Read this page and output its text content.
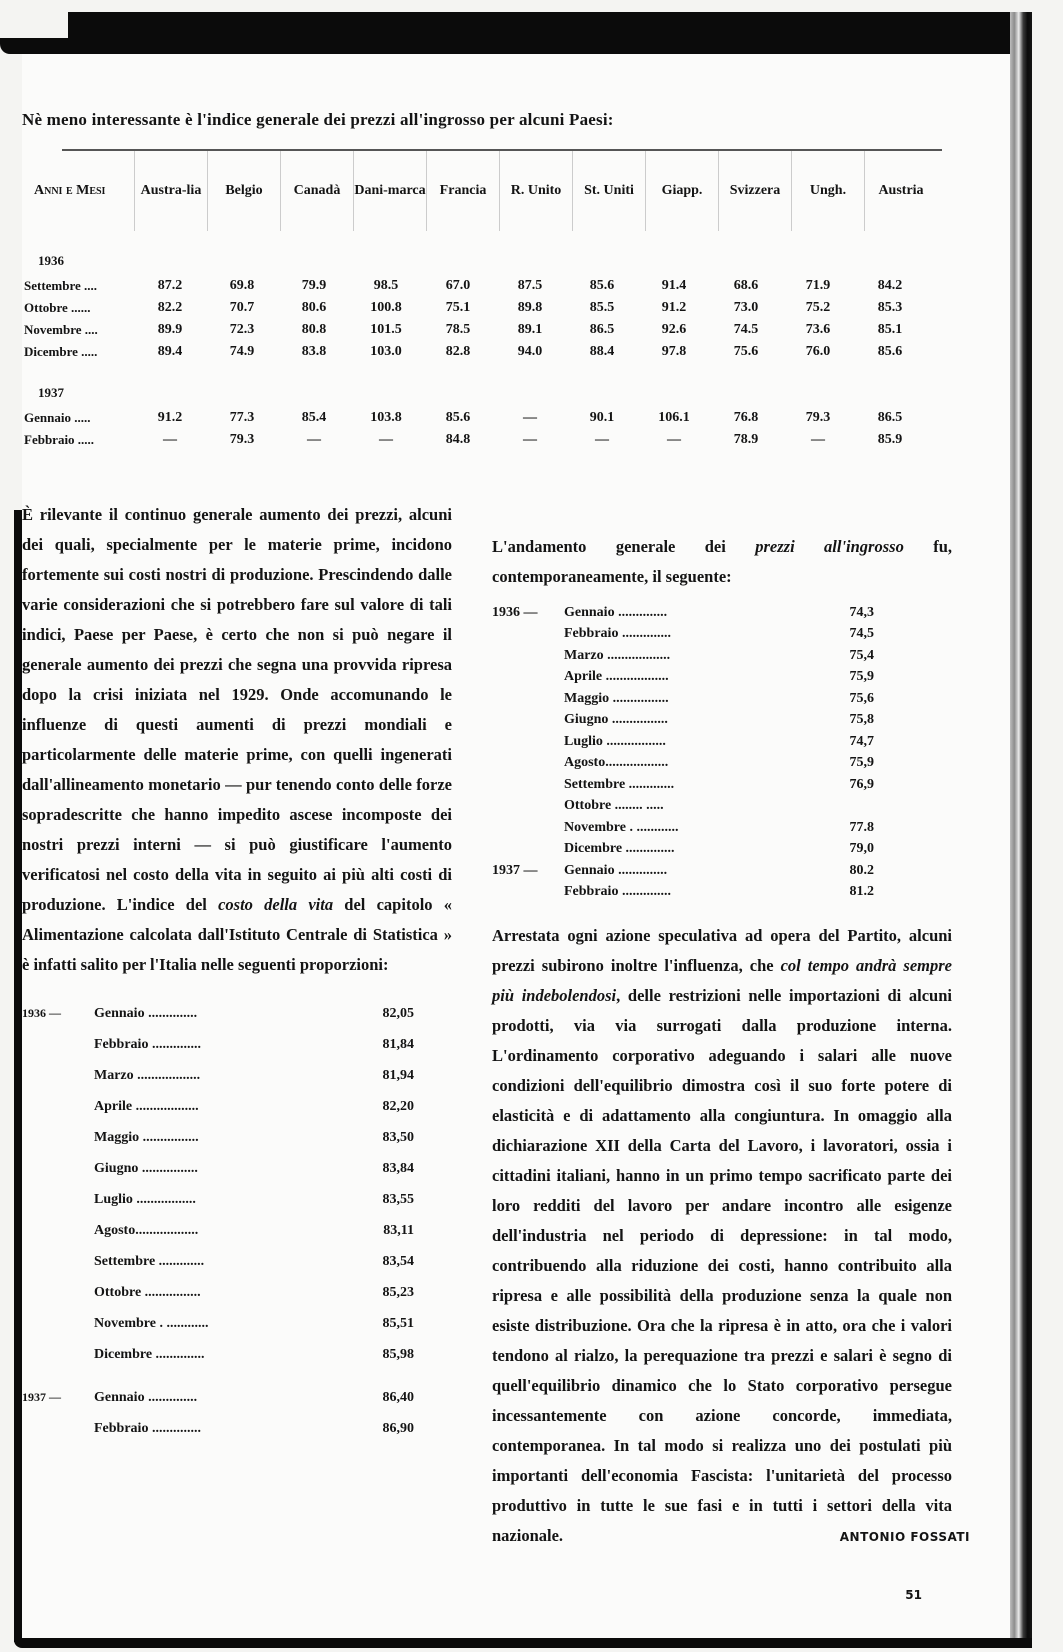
Nè meno interessante è l'indice generale dei prezzi all'ingrosso per alcuni Paesi:
Anni e Mesi	Austra-lia	Belgio	Canadà	Dani-marca	Francia	R. Unito	St. Uniti	Giapp.	Svizzera	Ungh.	Austria
1936
Settembre ....	87.2	69.8	79.9	98.5	67.0	87.5	85.6	91.4	68.6	71.9	84.2
Ottobre ......	82.2	70.7	80.6	100.8	75.1	89.8	85.5	91.2	73.0	75.2	85.3
Novembre ....	89.9	72.3	80.8	101.5	78.5	89.1	86.5	92.6	74.5	73.6	85.1
Dicembre .....	89.4	74.9	83.8	103.0	82.8	94.0	88.4	97.8	75.6	76.0	85.6
1937
Gennaio .....	91.2	77.3	85.4	103.8	85.6	—	90.1	106.1	76.8	79.3	86.5
Febbraio .....	—	79.3	—	—	84.8	—	—	—	78.9	—	85.9

È rilevante il continuo generale aumento dei prezzi, alcuni dei quali, specialmente per le materie prime, incidono fortemente sui costi nostri di produzione. Prescindendo dalle varie considerazioni che si potrebbero fare sul valore di tali indici, Paese per Paese, è certo che non si può negare il generale aumento dei prezzi che segna una provvida ripresa dopo la crisi iniziata nel 1929. Onde accomunando le influenze di questi aumenti di prezzi mondiali e particolarmente delle materie prime, con quelli ingenerati dall'allineamento monetario — pur tenendo conto delle forze sopradescritte che hanno impedito ascese incomposte dei nostri prezzi interni — si può giustificare l'aumento verificatosi nel costo della vita in seguito ai più alti costi di produzione. L'indice del costo della vita del capitolo « Alimentazione calcolata dall'Istituto Centrale di Statistica » è infatti salito per l'Italia nelle seguenti proporzioni:

1936 —	Gennaio ..............	82,05
Febbraio ..............	81,84
Marzo ..................	81,94
Aprile ..................	82,20
Maggio ................	83,50
Giugno ................	83,84
Luglio .................	83,55
Agosto..................	83,11
Settembre .............	83,54
Ottobre ................	85,23
Novembre . ............	85,51
Dicembre ..............	85,98
1937 —	Gennaio ..............	86,40
Febbraio ..............	86,90

L'andamento generale dei prezzi all'ingrosso fu, contemporaneamente, il seguente:

1936 —	Gennaio ..............	74,3
Febbraio ..............	74,5
Marzo ..................	75,4
Aprile ..................	75,9
Maggio ................	75,6
Giugno ................	75,8
Luglio .................	74,7
Agosto..................	75,9
Settembre .............	76,9
Ottobre ........ .....
Novembre . ............	77.8
Dicembre ..............	79,0
1937 —	Gennaio ..............	80.2
Febbraio ..............	81.2

Arrestata ogni azione speculativa ad opera del Partito, alcuni prezzi subirono inoltre l'influenza, che col tempo andrà sempre più indebolendosi, delle restrizioni nelle importazioni di alcuni prodotti, via via surrogati dalla produzione interna. L'ordinamento corporativo adeguando i salari alle nuove condizioni dell'equilibrio dimostra così il suo forte potere di elasticità e di adattamento alla congiuntura. In omaggio alla dichiarazione XII della Carta del Lavoro, i lavoratori, ossia i cittadini italiani, hanno in un primo tempo sacrificato parte dei loro redditi del lavoro per andare incontro alle esigenze dell'industria nel periodo di depressione: in tal modo, contribuendo alla riduzione dei costi, hanno contribuito alla ripresa e alle possibilità della produzione senza la quale non esiste distribuzione. Ora che la ripresa è in atto, ora che i valori tendono al rialzo, la perequazione tra prezzi e salari è segno di quell'equilibrio dinamico che lo Stato corporativo persegue incessantemente con azione concorde, immediata, contemporanea. In tal modo si realizza uno dei postulati più importanti dell'economia Fascista: l'unitarietà del processo produttivo in tutte le sue fasi e in tutti i settori della vita nazionale.	ANTONIO FOSSATI
51
